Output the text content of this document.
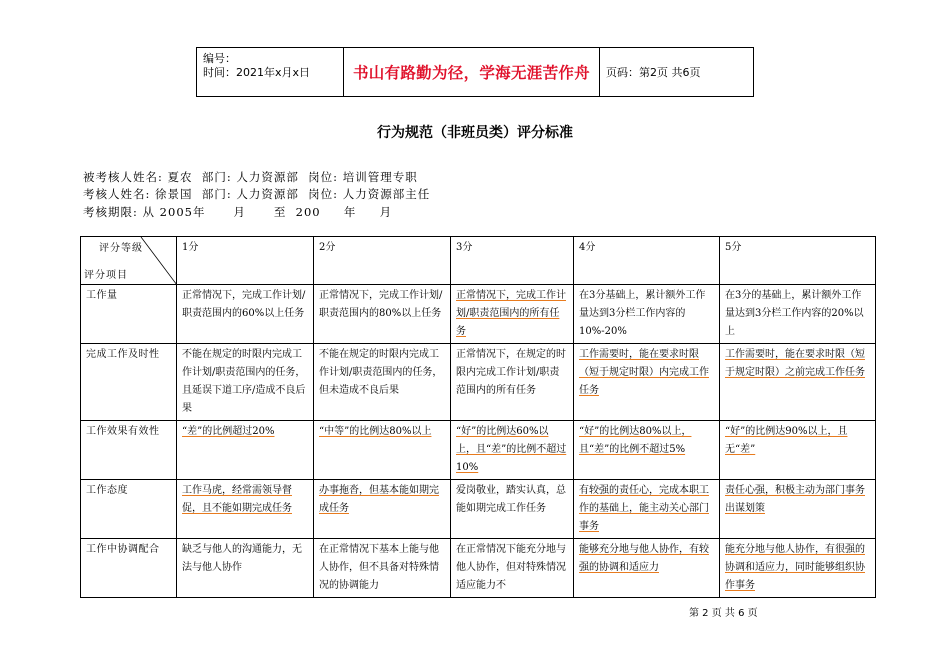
编号：
时间：2021年x月x日	书山有路勤为径，学海无涯苦作舟	页码：第2页 共6页
行为规范（非班员类）评分标准
被考核人姓名: 夏农  部门: 人力资源部  岗位: 培训管理专职
考核人姓名: 徐景国  部门: 人力资源部  岗位: 人力资源部主任
考核期限: 从 2005年      月      至  200     年     月
评分等级
评分项目	1分	2分	3分	4分	5分
工作量	正常情况下，完成工作计划/职责范围内的60%以上任务	正常情况下，完成工作计划/职责范围内的80%以上任务	正常情况下，完成工作计划/职责范围内的所有任务	在3分基础上，累计额外工作量达到3分栏工作内容的10%-20%	在3分的基础上，累计额外工作量达到3分栏工作内容的20%以上
完成工作及时性	不能在规定的时限内完成工作计划/职责范围内的任务，且延误下道工序/造成不良后果	不能在规定的时限内完成工作计划/职责范围内的任务，但未造成不良后果	正常情况下，在规定的时限内完成工作计划/职责范围内的所有任务	工作需要时，能在要求时限（短于规定时限）内完成工作任务	工作需要时，能在要求时限（短于规定时限）之前完成工作任务
工作效果有效性	“差”的比例超过20%	“中等”的比例达80%以上	“好”的比例达60%以上，且“差”的比例不超过10%	“好”的比例达80%以上，且“差”的比例不超过5%	“好”的比例达90%以上，且无“差”
工作态度	工作马虎，经常需领导督促，且不能如期完成任务	办事拖沓，但基本能如期完成任务	爱岗敬业，踏实认真，总能如期完成工作任务	有较强的责任心，完成本职工作的基础上，能主动关心部门事务	责任心强，积极主动为部门事务出谋划策
工作中协调配合	缺乏与他人的沟通能力，无法与他人协作	在正常情况下基本上能与他人协作，但不具备对特殊情况的协调能力	在正常情况下能充分地与他人协作，但对特殊情况适应能力不	能够充分地与他人协作，有较强的协调和适应力	能充分地与他人协作，有很强的协调和适应力，同时能够组织协作事务
第 2 页 共 6 页
